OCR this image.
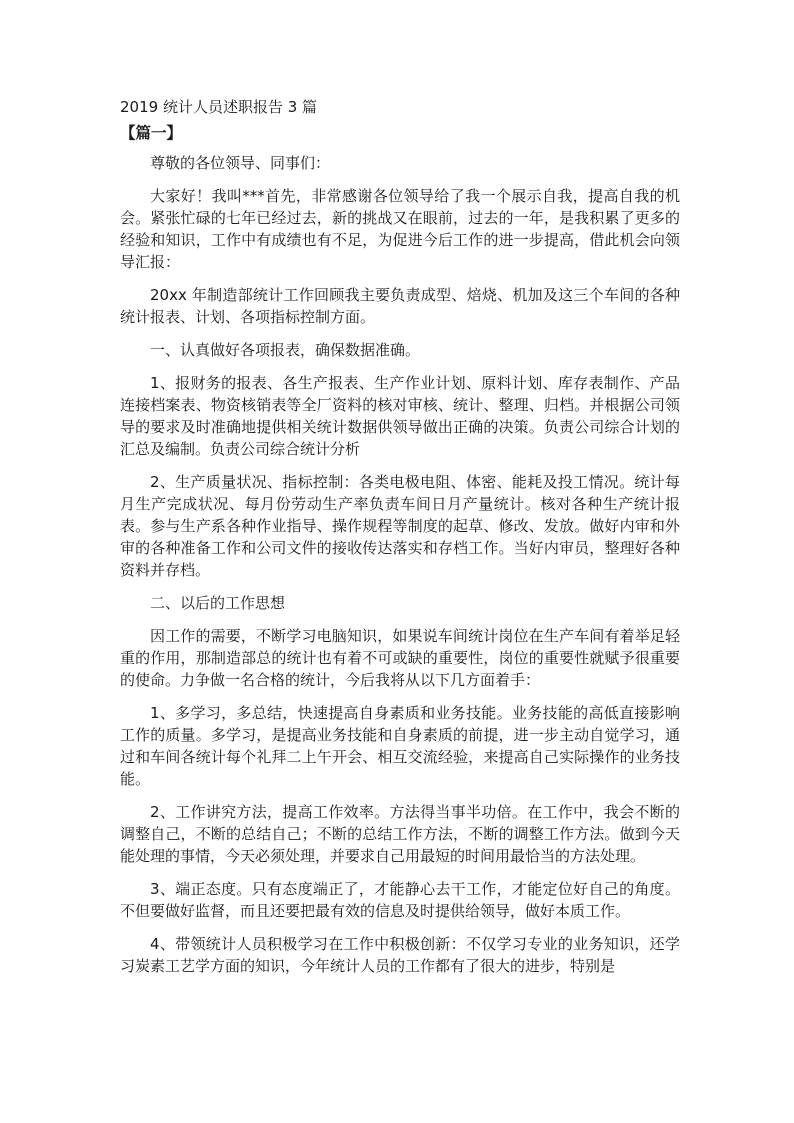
2019 统计人员述职报告 3 篇
【篇一】

尊敬的各位领导、同事们：

大家好！我叫***首先，非常感谢各位领导给了我一个展示自我，提高自我的机会。紧张忙碌的七年已经过去，新的挑战又在眼前，过去的一年，是我积累了更多的经验和知识，工作中有成绩也有不足，为促进今后工作的进一步提高，借此机会向领导汇报：

20xx 年制造部统计工作回顾我主要负责成型、焙烧、机加及这三个车间的各种统计报表、计划、各项指标控制方面。

一、认真做好各项报表，确保数据准确。

1、报财务的报表、各生产报表、生产作业计划、原料计划、库存表制作、产品连接档案表、物资核销表等全厂资料的核对审核、统计、整理、归档。并根据公司领导的要求及时准确地提供相关统计数据供领导做出正确的决策。负责公司综合计划的汇总及编制。负责公司综合统计分析

2、生产质量状况、指标控制：各类电极电阻、体密、能耗及投工情况。统计每月生产完成状况、每月份劳动生产率负责车间日月产量统计。核对各种生产统计报表。参与生产系各种作业指导、操作规程等制度的起草、修改、发放。做好内审和外审的各种准备工作和公司文件的接收传达落实和存档工作。当好内审员，整理好各种资料并存档。

二、以后的工作思想

因工作的需要，不断学习电脑知识，如果说车间统计岗位在生产车间有着举足轻重的作用，那制造部总的统计也有着不可或缺的重要性，岗位的重要性就赋予很重要的使命。力争做一名合格的统计，今后我将从以下几方面着手：

1、多学习，多总结，快速提高自身素质和业务技能。业务技能的高低直接影响工作的质量。多学习，是提高业务技能和自身素质的前提，进一步主动自觉学习，通过和车间各统计每个礼拜二上午开会、相互交流经验，来提高自己实际操作的业务技能。

2、工作讲究方法，提高工作效率。方法得当事半功倍。在工作中，我会不断的调整自己，不断的总结自己；不断的总结工作方法，不断的调整工作方法。做到今天能处理的事情，今天必须处理，并要求自己用最短的时间用最恰当的方法处理。

3、端正态度。只有态度端正了，才能静心去干工作，才能定位好自己的角度。不但要做好监督，而且还要把最有效的信息及时提供给领导，做好本质工作。

4、带领统计人员积极学习在工作中积极创新：不仅学习专业的业务知识，还学习炭素工艺学方面的知识，今年统计人员的工作都有了很大的进步，特别是
